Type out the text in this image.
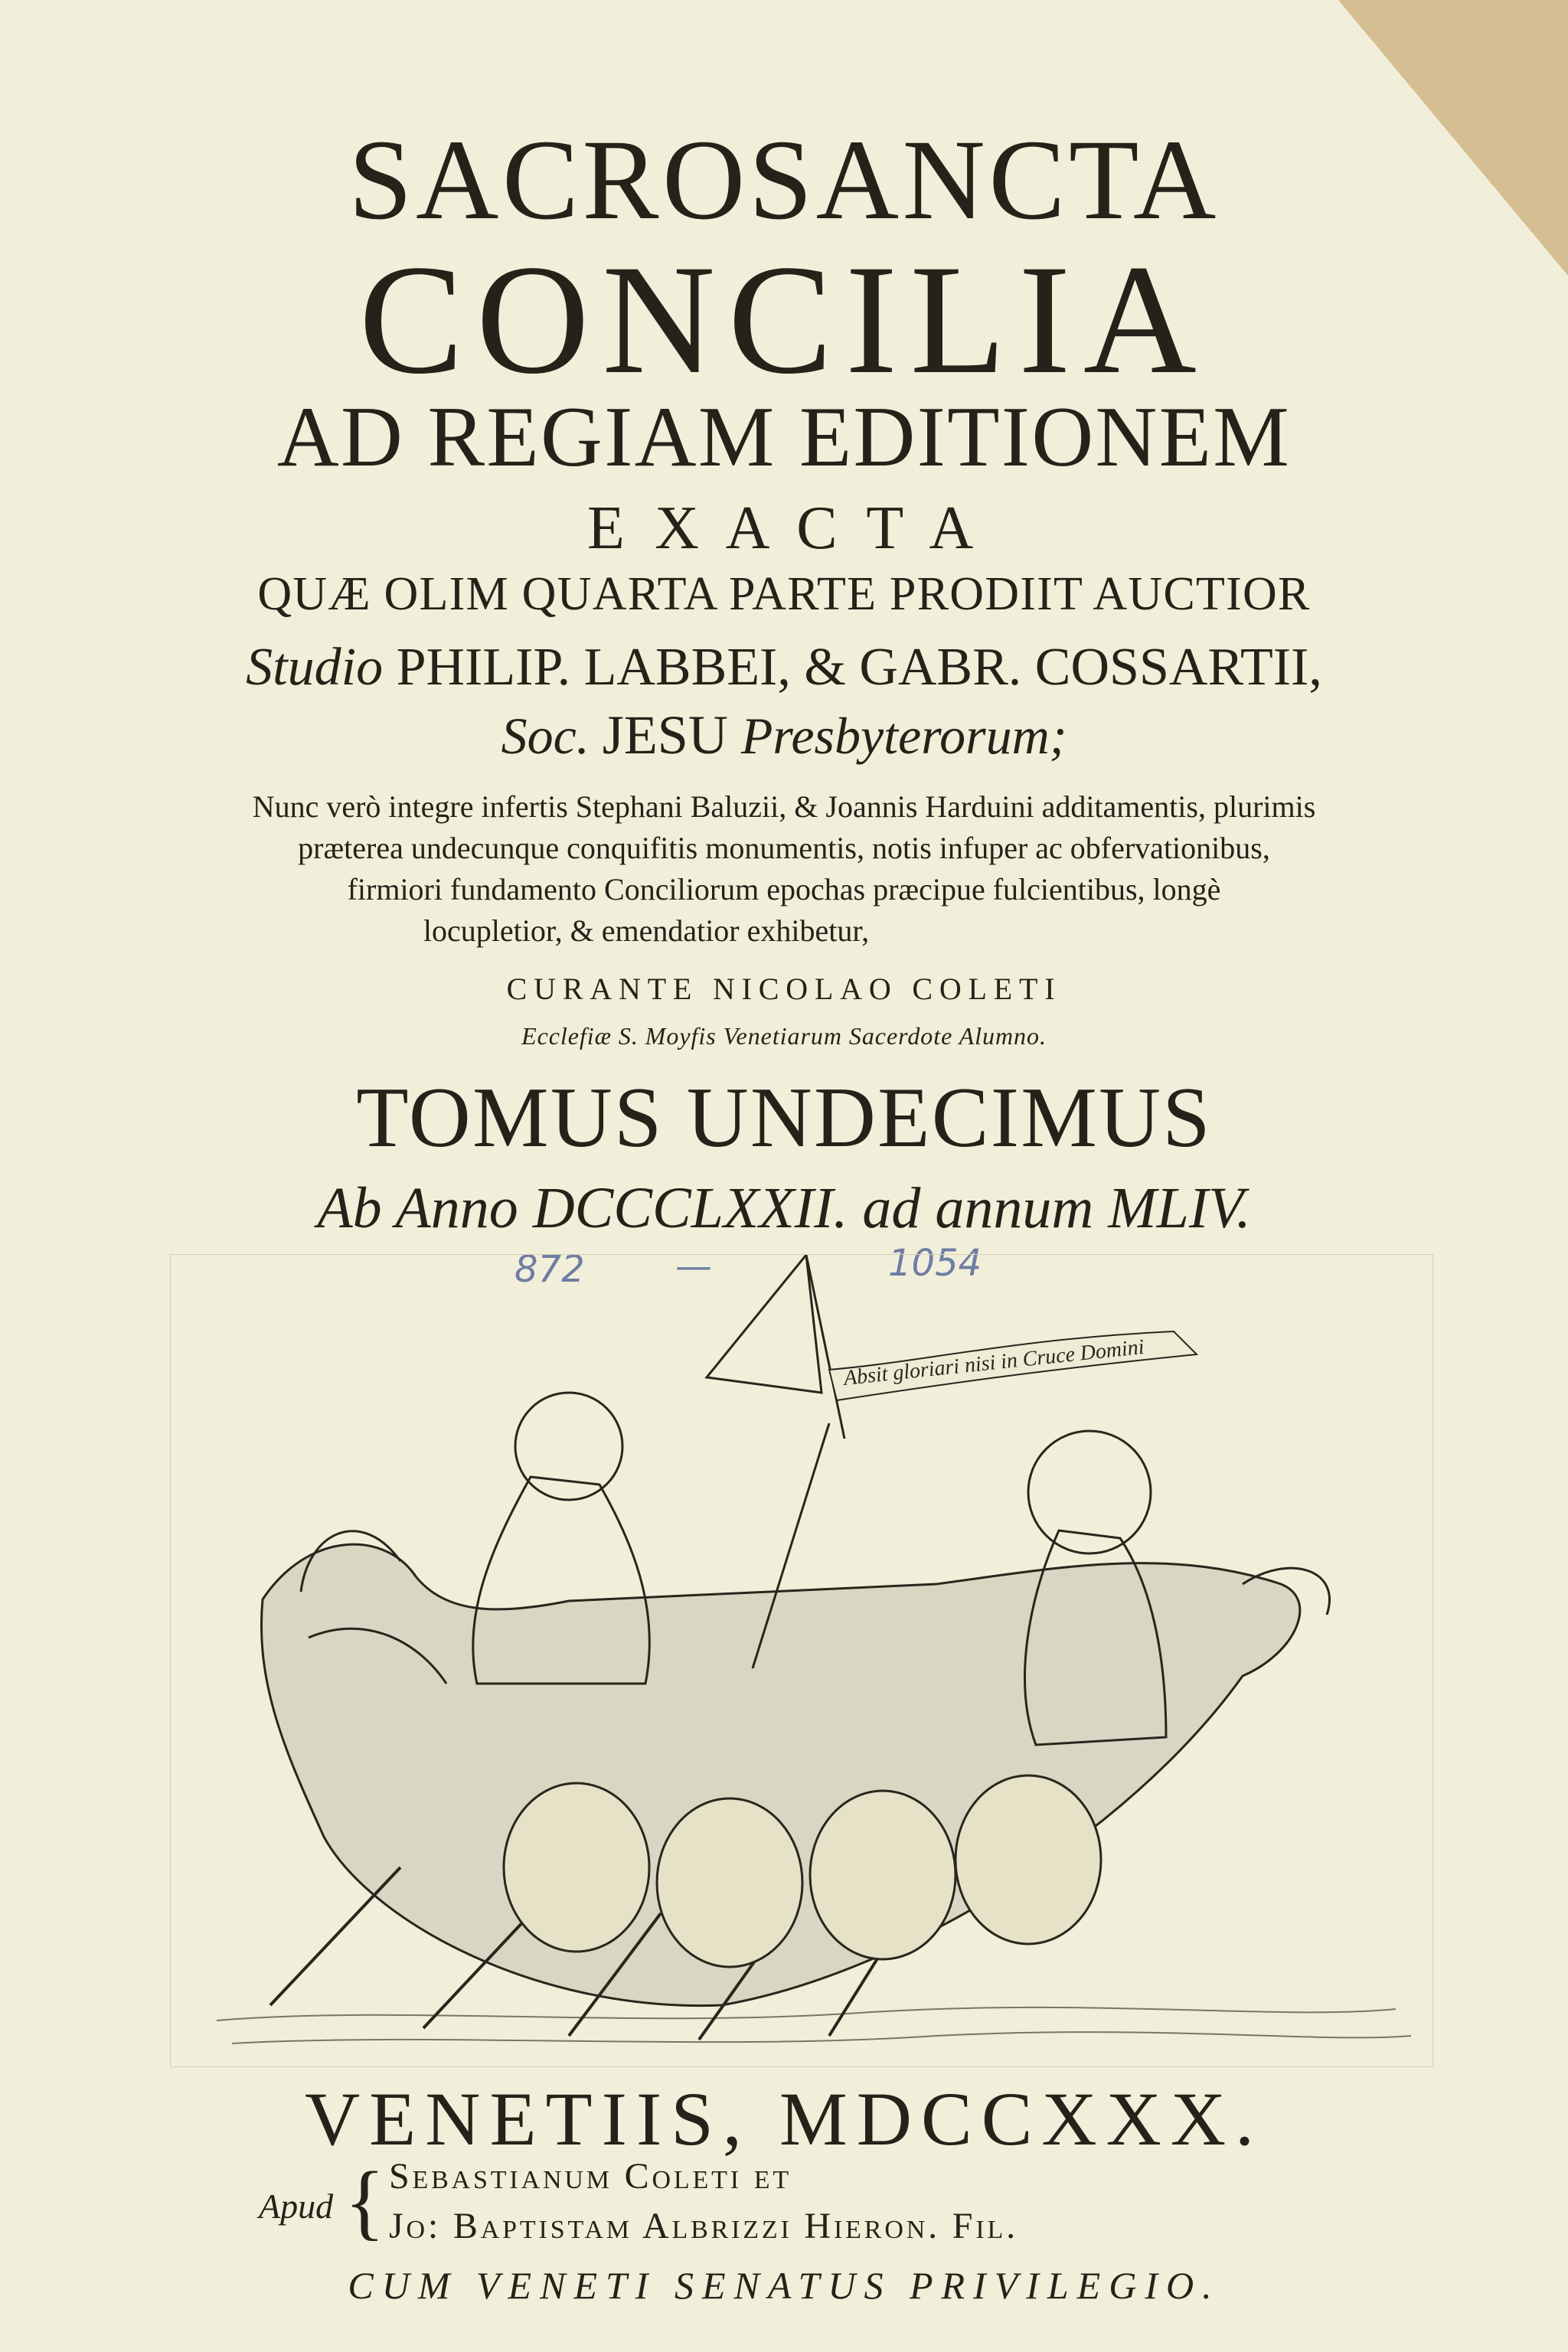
SACROSANCTA
CONCILIA
AD REGIAM EDITIONEM
E X A C T A
QUÆ OLIM QUARTA PARTE PRODIIT AUCTIOR
Studio PHILIP. LABBEI, & GABR. COSSARTII,
Soc. JESU Presbyterorum;
Nunc verò integre infertis Stephani Baluzii, & Joannis Harduini additamentis, plurimis
præterea undecunque conquifitis monumentis, notis infuper ac obfervationibus,
firmiori fundamento Conciliorum epochas præcipue fulcientibus, longè
locupletior, & emendatior exhibetur,
CURANTE NICOLAO COLETI
Ecclefiæ S. Moyfis Venetiarum Sacerdote Alumno.
TOMUS UNDECIMUS
Ab Anno DCCCLXXII. ad annum MLIV.
872 —	1054
Absit gloriari nisi in Cruce Domini
VENETIIS, MDCCXXX.
Apud { Sebastianum Coleti et
Jo: Baptistam Albrizzi Hieron. Fil.
CUM VENETI SENATUS PRIVILEGIO.
